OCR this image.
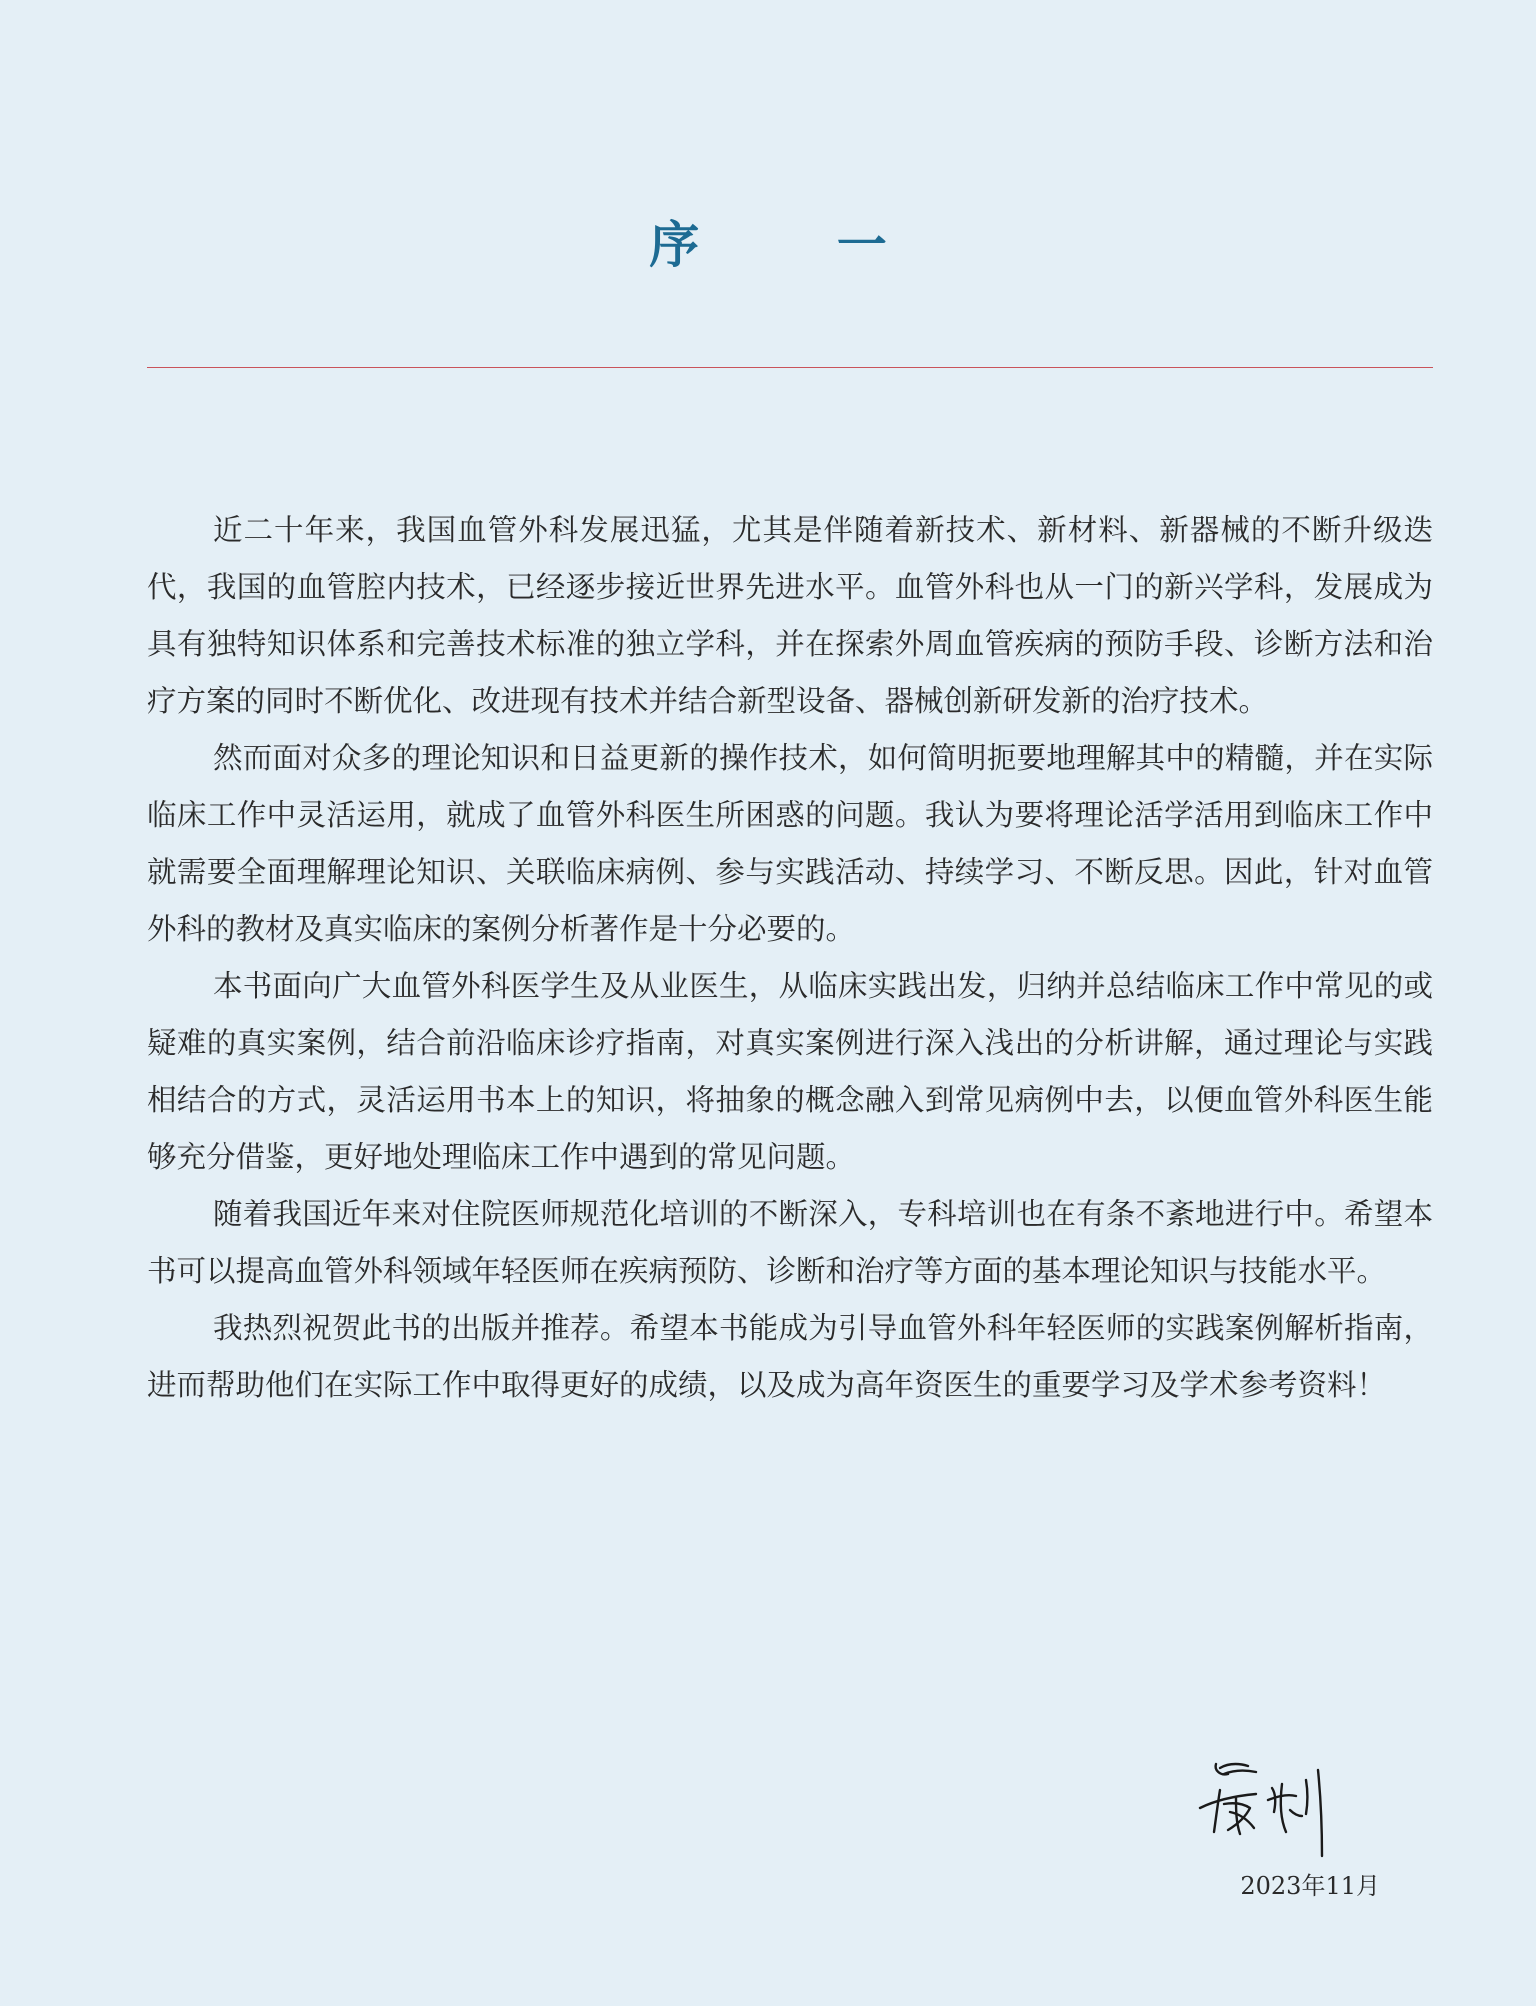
序 一

近二十年来，我国血管外科发展迅猛，尤其是伴随着新技术、新材料、新器械的不断升级迭代，我国的血管腔内技术，已经逐步接近世界先进水平。血管外科也从一门的新兴学科，发展成为具有独特知识体系和完善技术标准的独立学科，并在探索外周血管疾病的预防手段、诊断方法和治疗方案的同时不断优化、改进现有技术并结合新型设备、器械创新研发新的治疗技术。

然而面对众多的理论知识和日益更新的操作技术，如何简明扼要地理解其中的精髓，并在实际临床工作中灵活运用，就成了血管外科医生所困惑的问题。我认为要将理论活学活用到临床工作中就需要全面理解理论知识、关联临床病例、参与实践活动、持续学习、不断反思。因此，针对血管外科的教材及真实临床的案例分析著作是十分必要的。

本书面向广大血管外科医学生及从业医生，从临床实践出发，归纳并总结临床工作中常见的或疑难的真实案例，结合前沿临床诊疗指南，对真实案例进行深入浅出的分析讲解，通过理论与实践相结合的方式，灵活运用书本上的知识，将抽象的概念融入到常见病例中去，以便血管外科医生能够充分借鉴，更好地处理临床工作中遇到的常见问题。

随着我国近年来对住院医师规范化培训的不断深入，专科培训也在有条不紊地进行中。希望本书可以提高血管外科领域年轻医师在疾病预防、诊断和治疗等方面的基本理论知识与技能水平。

我热烈祝贺此书的出版并推荐。希望本书能成为引导血管外科年轻医师的实践案例解析指南，进而帮助他们在实际工作中取得更好的成绩，以及成为高年资医生的重要学习及学术参考资料！

2023年11月
